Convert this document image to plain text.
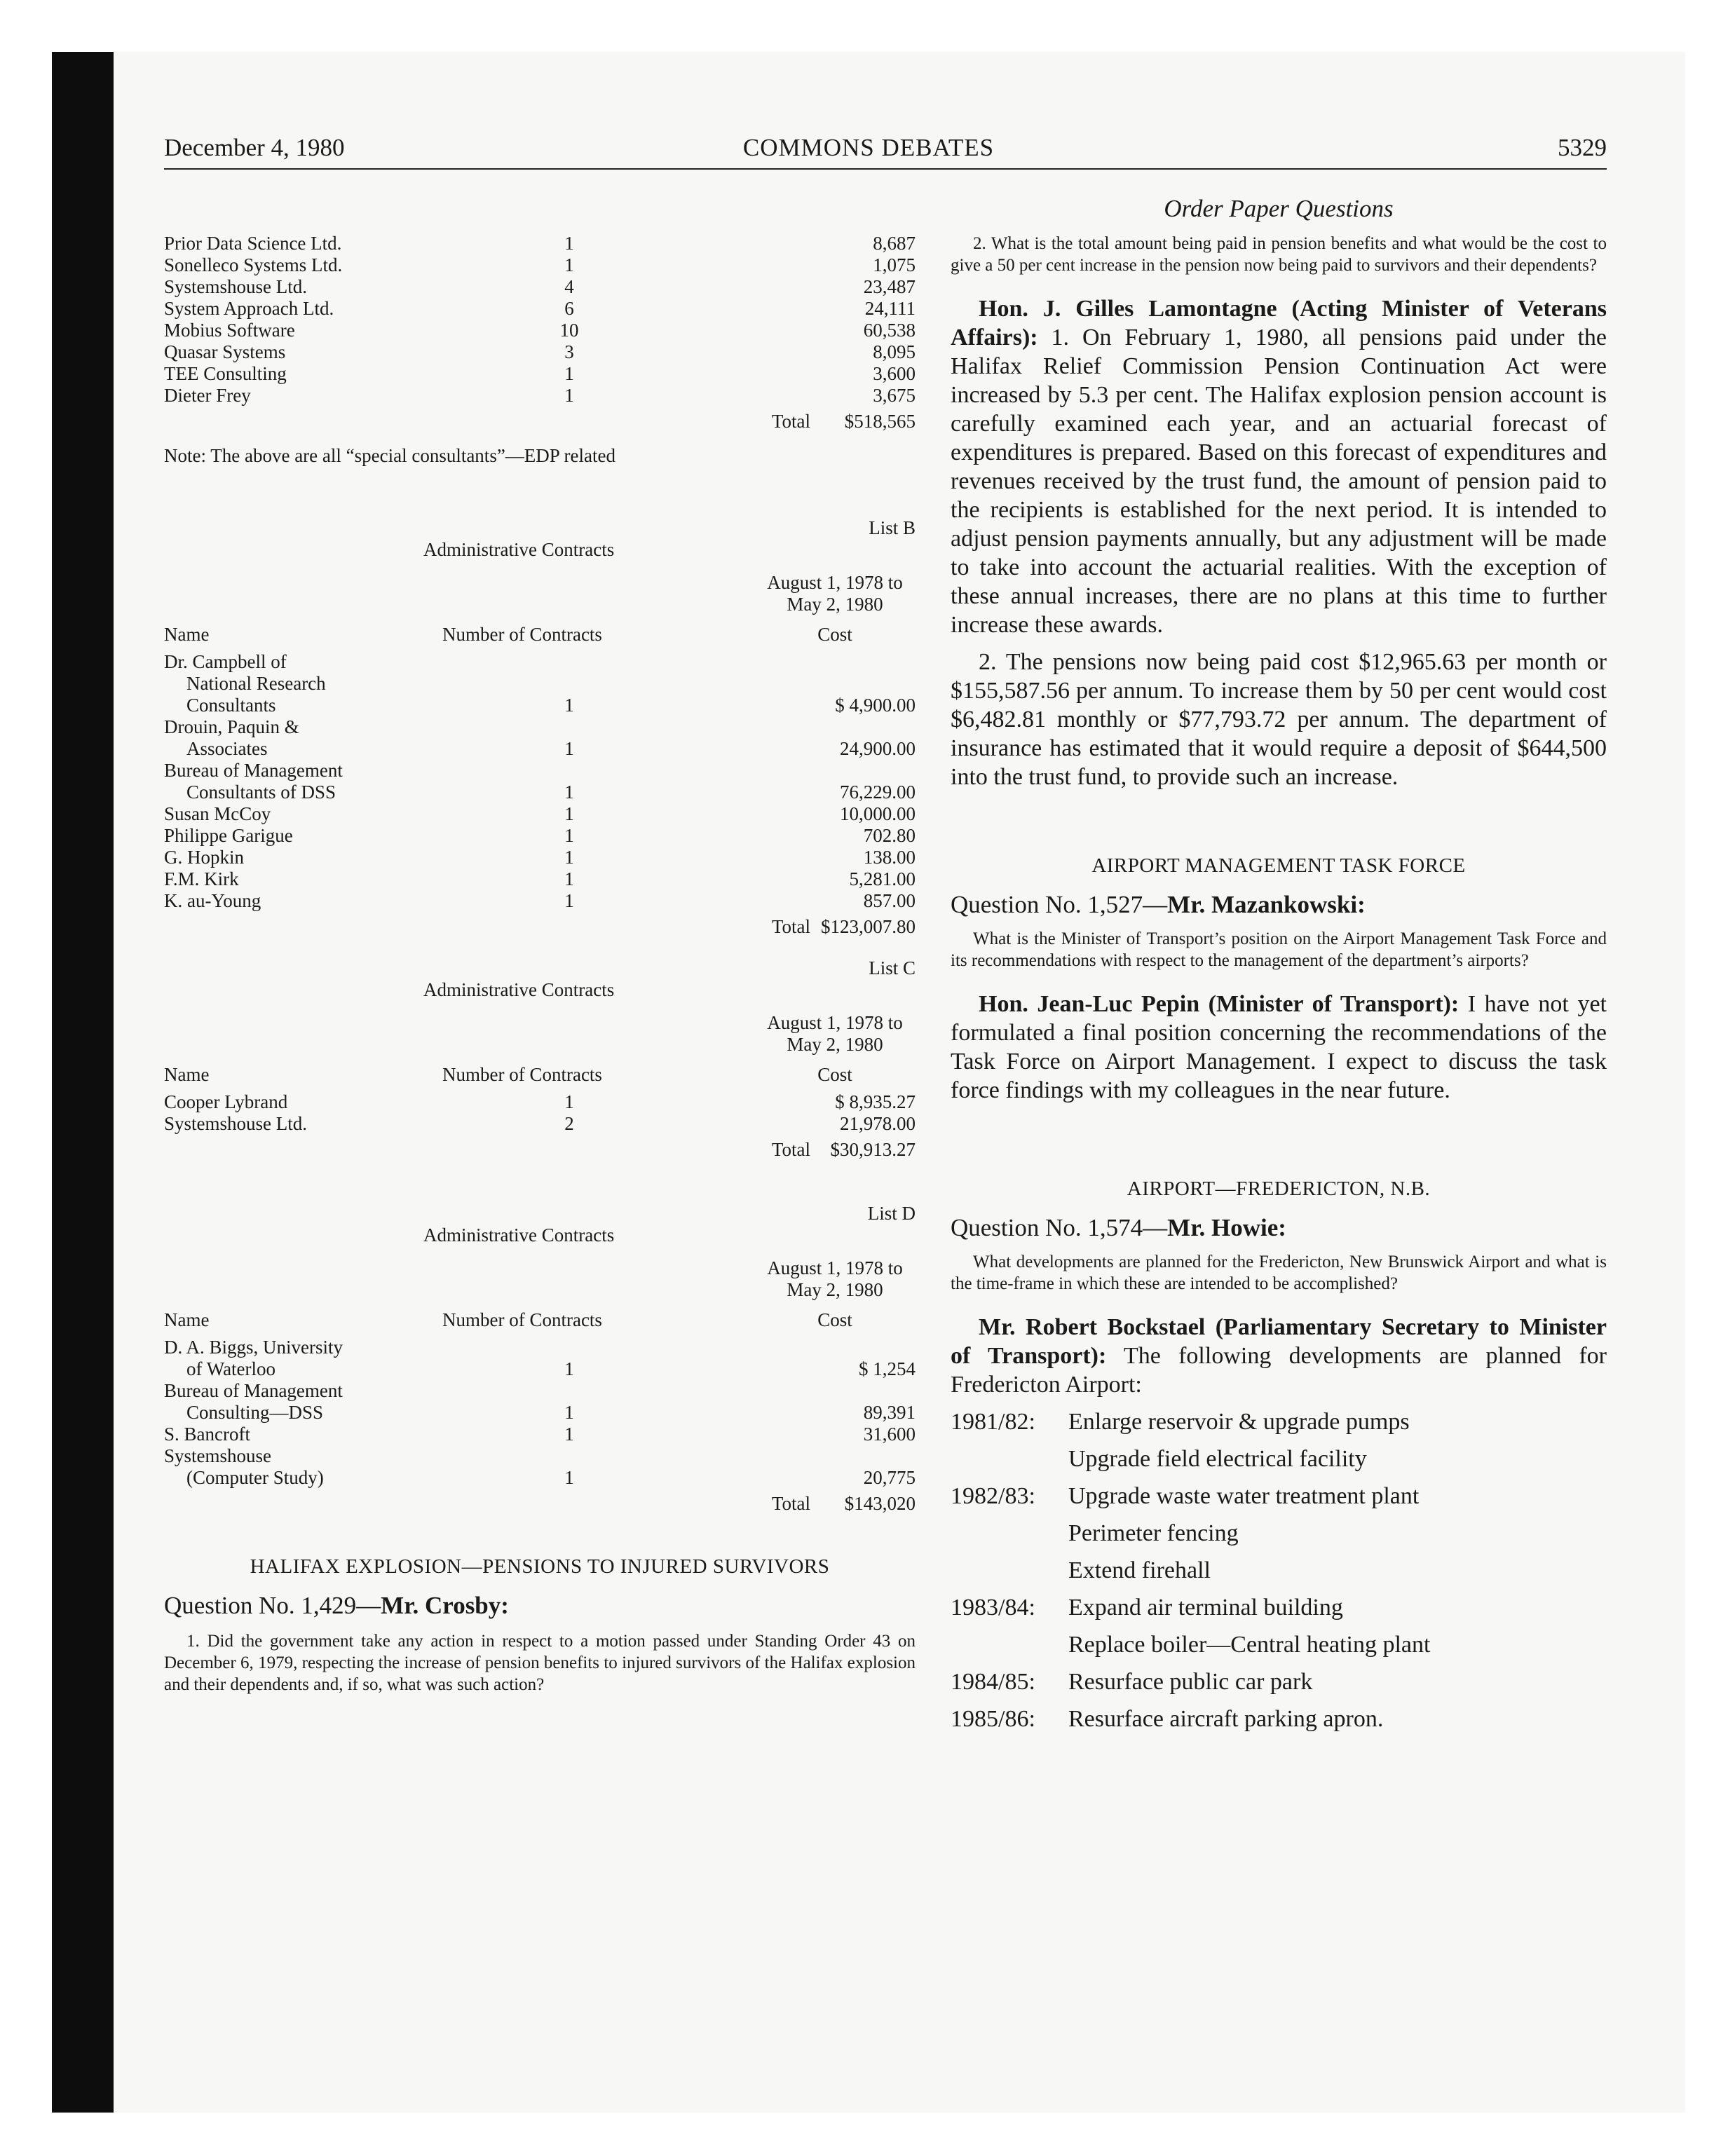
December 4, 1980	COMMONS DEBATES	5329
Prior Data Science Ltd.	1	8,687
Sonelleco Systems Ltd.	1	1,075
Systemshouse Ltd.	4	23,487
System Approach Ltd.	6	24,111
Mobius Software	10	60,538
Quasar Systems	3	8,095
TEE Consulting	1	3,600
Dieter Frey	1	3,675
Total $518,565
Note: The above are all “special consultants”—EDP related
List B
Administrative Contracts
August 1, 1978 to
May 2, 1980
Name	Number of Contracts	Cost
Dr. Campbell of
National Research
Consultants	1	$ 4,900.00
Drouin, Paquin &
Associates	1	24,900.00
Bureau of Management
Consultants of DSS	1	76,229.00
Susan McCoy	1	10,000.00
Philippe Garigue	1	702.80
G. Hopkin	1	138.00
F.M. Kirk	1	5,281.00
K. au-Young	1	857.00
Total $123,007.80
List C
Administrative Contracts
August 1, 1978 to
May 2, 1980
Name	Number of Contracts	Cost
Cooper Lybrand	1	$ 8,935.27
Systemshouse Ltd.	2	21,978.00
Total $30,913.27
List D
Administrative Contracts
August 1, 1978 to
May 2, 1980
Name	Number of Contracts	Cost
D. A. Biggs, University
of Waterloo	1	$ 1,254
Bureau of Management
Consulting—DSS	1	89,391
S. Bancroft	1	31,600
Systemshouse
(Computer Study)	1	20,775
Total $143,020
HALIFAX EXPLOSION—PENSIONS TO INJURED SURVIVORS
Question No. 1,429—Mr. Crosby:
1. Did the government take any action in respect to a motion passed under Standing Order 43 on December 6, 1979, respecting the increase of pension benefits to injured survivors of the Halifax explosion and their dependents and, if so, what was such action?
Order Paper Questions
2. What is the total amount being paid in pension benefits and what would be the cost to give a 50 per cent increase in the pension now being paid to survivors and their dependents?
Hon. J. Gilles Lamontagne (Acting Minister of Veterans Affairs): 1. On February 1, 1980, all pensions paid under the Halifax Relief Commission Pension Continuation Act were increased by 5.3 per cent. The Halifax explosion pension account is carefully examined each year, and an actuarial forecast of expenditures is prepared. Based on this forecast of expenditures and revenues received by the trust fund, the amount of pension paid to the recipients is established for the next period. It is intended to adjust pension payments annually, but any adjustment will be made to take into account the actuarial realities. With the exception of these annual increases, there are no plans at this time to further increase these awards.
2. The pensions now being paid cost $12,965.63 per month or $155,587.56 per annum. To increase them by 50 per cent would cost $6,482.81 monthly or $77,793.72 per annum. The department of insurance has estimated that it would require a deposit of $644,500 into the trust fund, to provide such an increase.
AIRPORT MANAGEMENT TASK FORCE
Question No. 1,527—Mr. Mazankowski:
What is the Minister of Transport’s position on the Airport Management Task Force and its recommendations with respect to the management of the department’s airports?
Hon. Jean-Luc Pepin (Minister of Transport): I have not yet formulated a final position concerning the recommendations of the Task Force on Airport Management. I expect to discuss the task force findings with my colleagues in the near future.
AIRPORT—FREDERICTON, N.B.
Question No. 1,574—Mr. Howie:
What developments are planned for the Fredericton, New Brunswick Airport and what is the time-frame in which these are intended to be accomplished?
Mr. Robert Bockstael (Parliamentary Secretary to Minister of Transport): The following developments are planned for Fredericton Airport:
1981/82: Enlarge reservoir & upgrade pumps
Upgrade field electrical facility
1982/83: Upgrade waste water treatment plant
Perimeter fencing
Extend firehall
1983/84: Expand air terminal building
Replace boiler—Central heating plant
1984/85: Resurface public car park
1985/86: Resurface aircraft parking apron.
